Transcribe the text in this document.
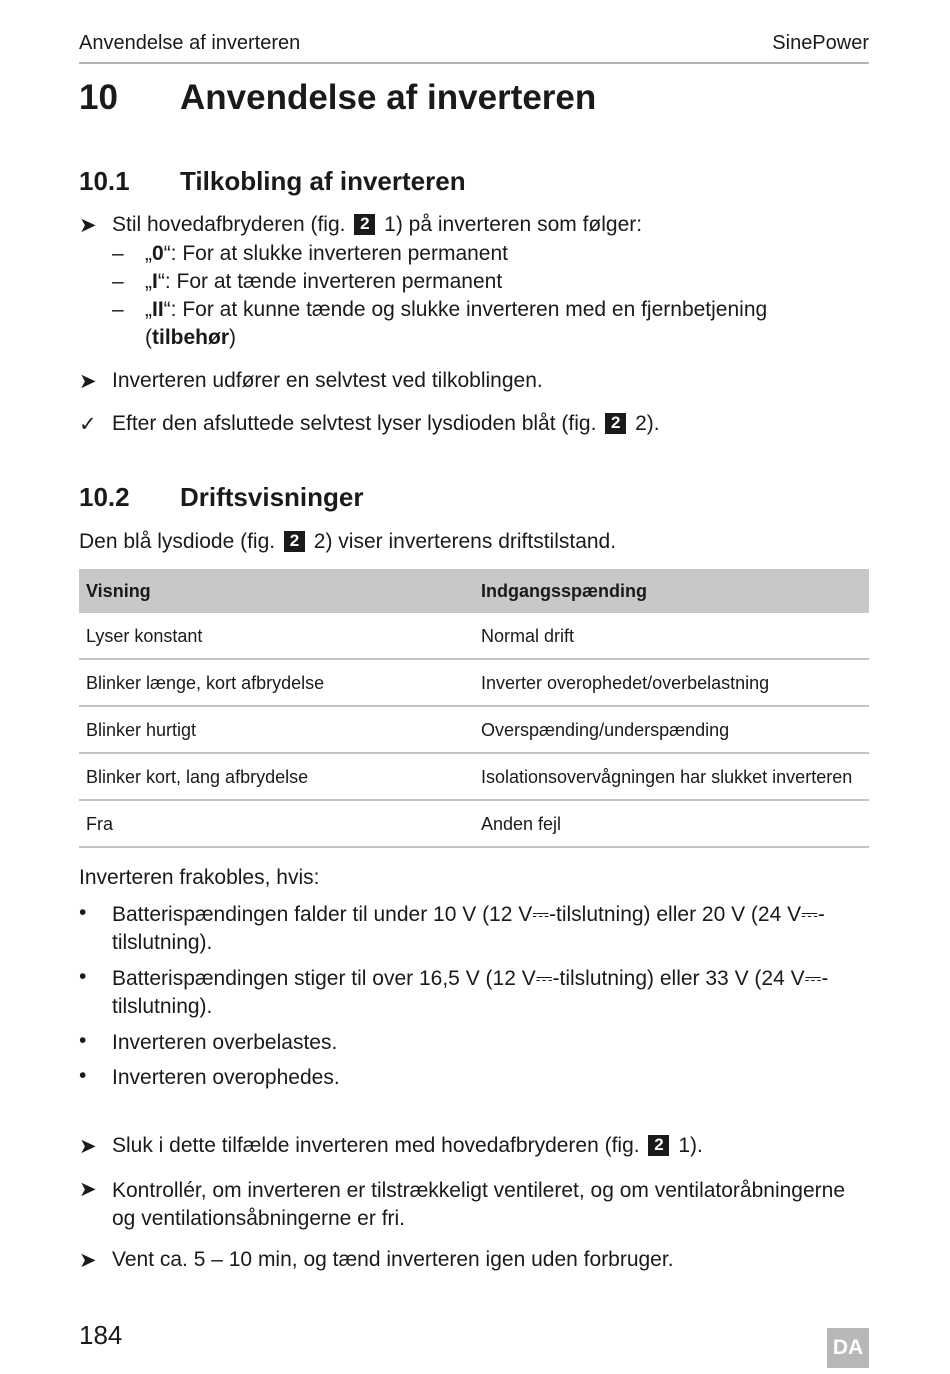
Anvendelse af inverteren	SinePower
10 Anvendelse af inverteren
10.1 Tilkobling af inverteren
➤ Stil hovedafbryderen (fig. 2 1) på inverteren som følger:
– „0“: For at slukke inverteren permanent
– „I“: For at tænde inverteren permanent
– „II“: For at kunne tænde og slukke inverteren med en fjernbetjening
(tilbehør)
➤ Inverteren udfører en selvtest ved tilkoblingen.
✓ Efter den afsluttede selvtest lyser lysdioden blåt (fig. 2 2).
10.2 Driftsvisninger
Den blå lysdiode (fig. 2 2) viser inverterens driftstilstand.
Visning	Indgangsspænding
Lyser konstant	Normal drift
Blinker længe, kort afbrydelse	Inverter overophedet/overbelastning
Blinker hurtigt	Overspænding/underspænding
Blinker kort, lang afbrydelse	Isolationsovervågningen har slukket inverteren
Fra	Anden fejl
Inverteren frakobles, hvis:
• Batterispændingen falder til under 10 V (12 V⎓-tilslutning) eller 20 V (24 V⎓-tilslutning).
• Batterispændingen stiger til over 16,5 V (12 V⎓-tilslutning) eller 33 V (24 V⎓-tilslutning).
• Inverteren overbelastes.
• Inverteren overophedes.
➤ Sluk i dette tilfælde inverteren med hovedafbryderen (fig. 2 1).
➤ Kontrollér, om inverteren er tilstrækkeligt ventileret, og om ventilatoråbningerne og ventilationsåbningerne er fri.
➤ Vent ca. 5 – 10 min, og tænd inverteren igen uden forbruger.
184	DA
